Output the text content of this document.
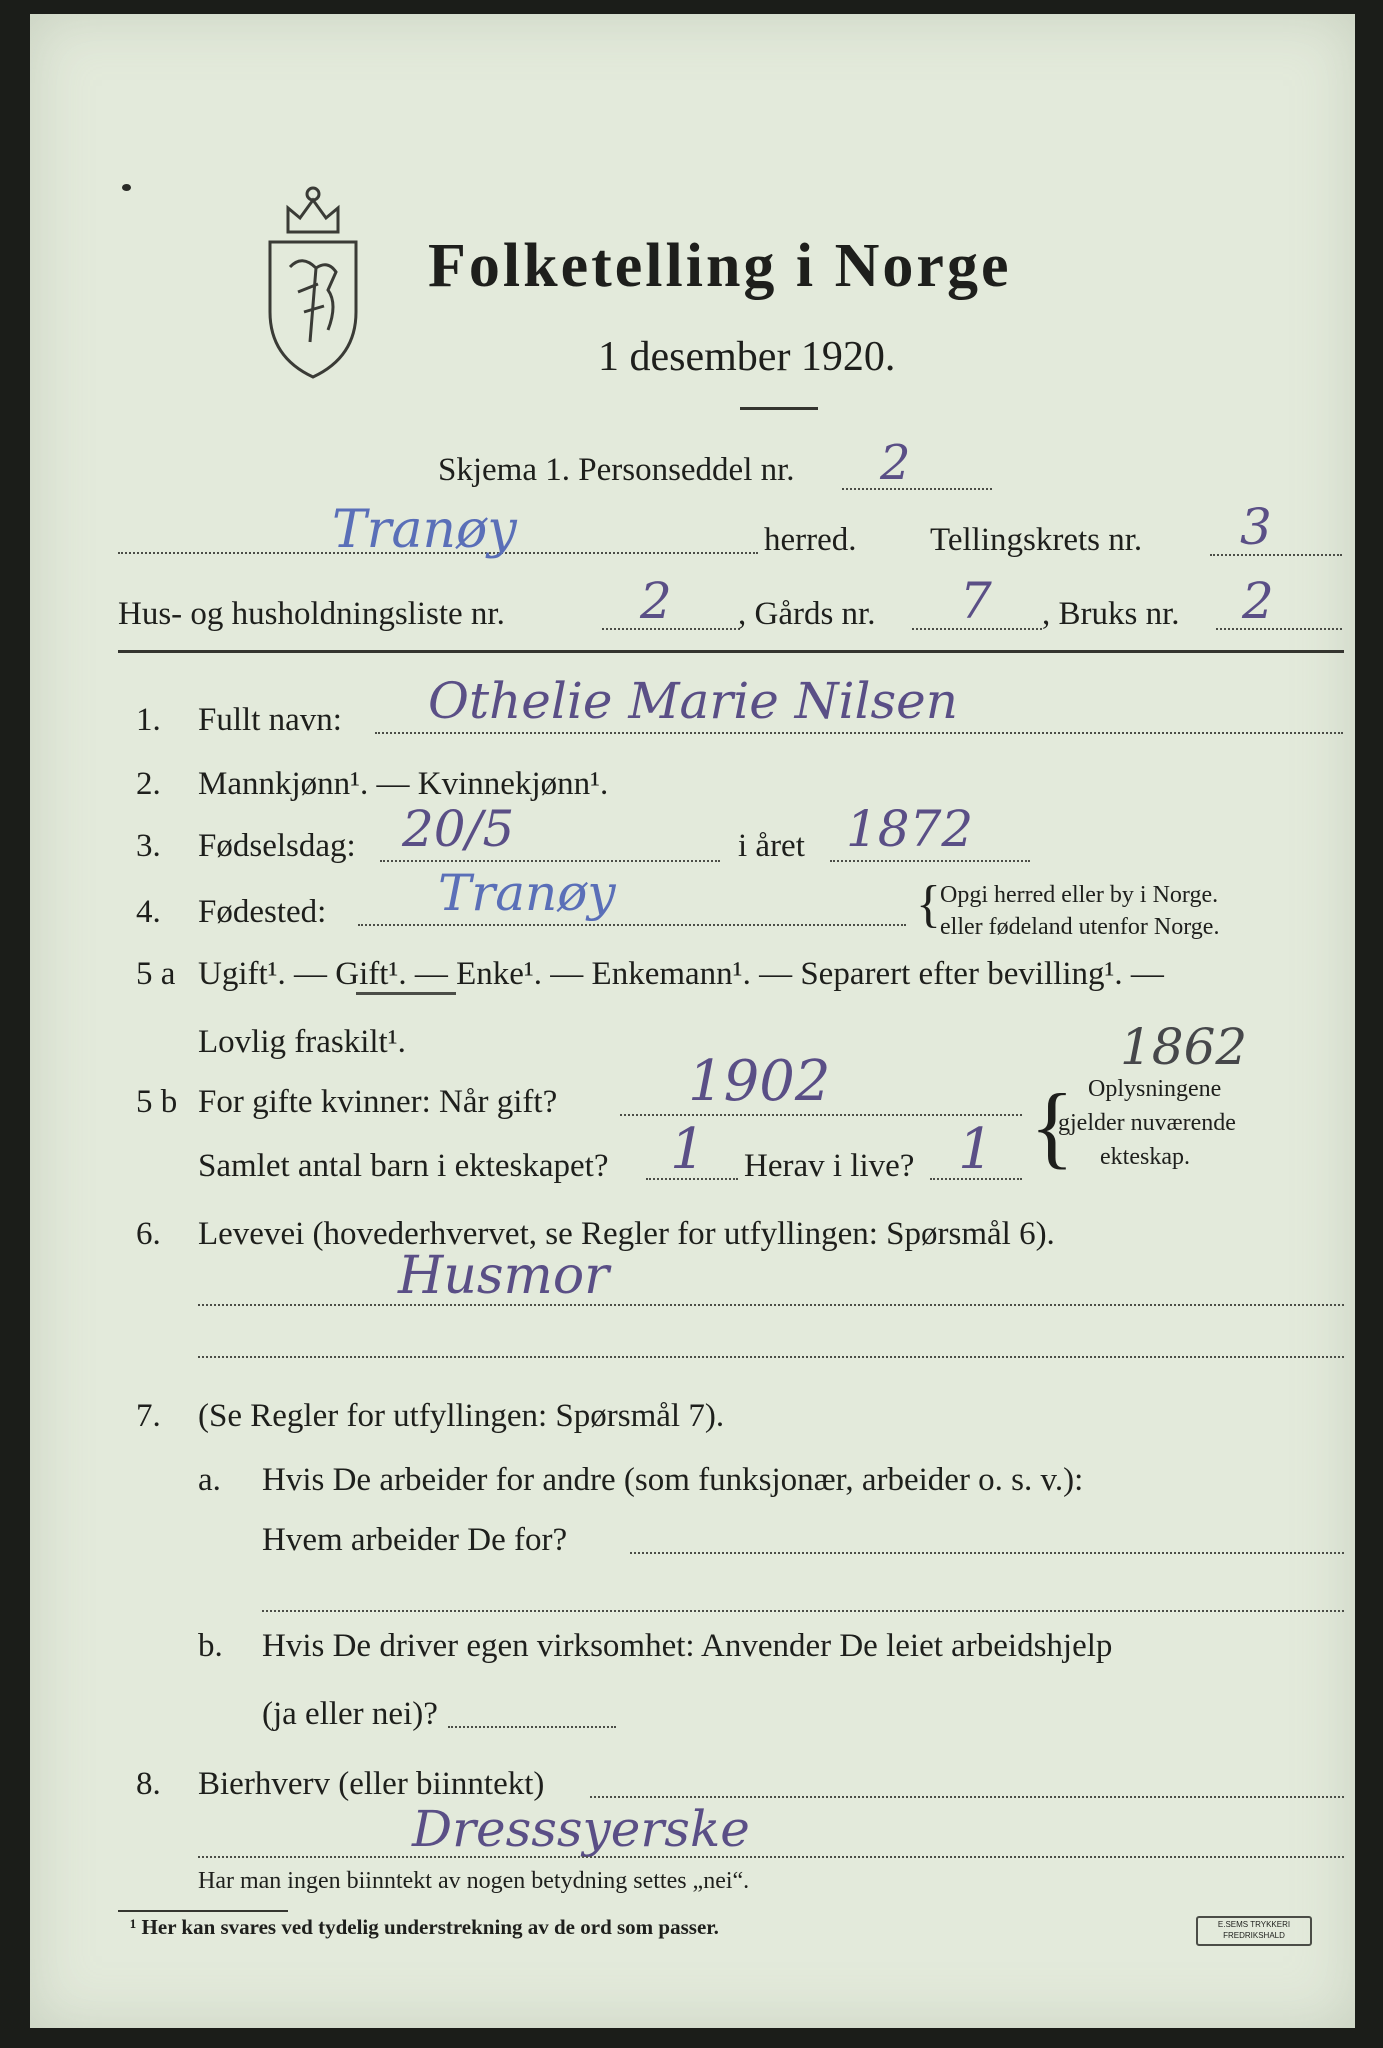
Folketelling i Norge
1 desember 1920.
Skjema 1. Personseddel nr. 2
Tranøy	herred. Tellingskrets nr. 3
Hus- og husholdningsliste nr.	2 , Gårds nr. 7 , Bruks nr. 2
1. Fullt navn: Othelie Marie Nilsen
2. Mannkjønn¹. — Kvinnekjønn¹.
3. Fødselsdag: 20/5	i året 1872
4. Fødested: Tranøy	{ Opgi herred eller by i Norge.
eller fødeland utenfor Norge.
5 a Ugift¹. — Gift¹. — Enke¹. — Enkemann¹. — Separert efter bevilling¹. —
Lovlig fraskilt¹.	1862
5 b For gifte kvinner: Når gift? 1902
Samlet antal barn i ekteskapet? 1 Herav i live? 1 { Oplysningene
gjelder nuværende
ekteskap.
6. Levevei (hovederhvervet, se Regler for utfyllingen: Spørsmål 6).
Husmor
7. (Se Regler for utfyllingen: Spørsmål 7).
a. Hvis De arbeider for andre (som funksjonær, arbeider o. s. v.):
Hvem arbeider De for?
b. Hvis De driver egen virksomhet: Anvender De leiet arbeidshjelp
(ja eller nei)?
8. Bierhverv (eller biinntekt)
Dresssyerske
Har man ingen biinntekt av nogen betydning settes „nei“.
¹ Her kan svares ved tydelig understrekning av de ord som passer.	E.SEMS TRYKKERI FREDRIKSHALD
